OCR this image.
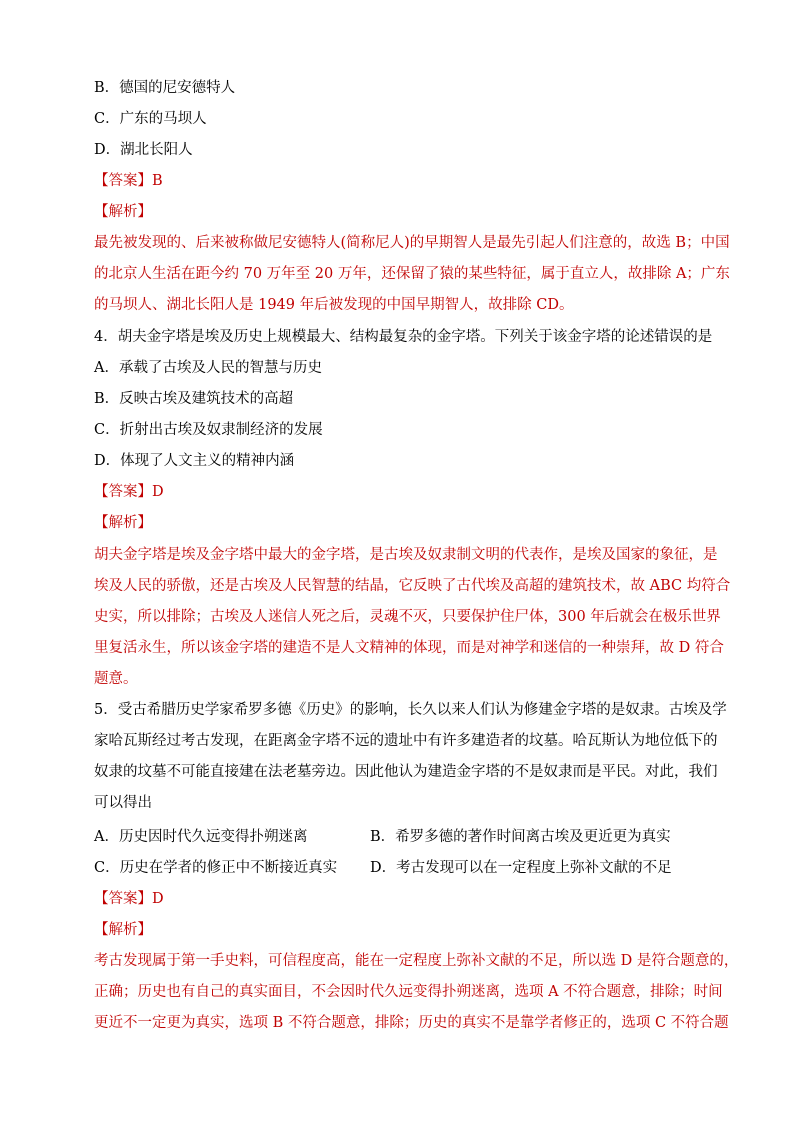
B．德国的尼安德特人
C．广东的马坝人
D．湖北长阳人
【答案】B
【解析】
最先被发现的、后来被称做尼安德特人(简称尼人)的早期智人是最先引起人们注意的，故选 B；中国
的北京人生活在距今约 70 万年至 20 万年，还保留了猿的某些特征，属于直立人，故排除 A；广东
的马坝人、湖北长阳人是 1949 年后被发现的中国早期智人，故排除 CD。
4．胡夫金字塔是埃及历史上规模最大、结构最复杂的金字塔。下列关于该金字塔的论述错误的是
A．承载了古埃及人民的智慧与历史
B．反映古埃及建筑技术的高超
C．折射出古埃及奴隶制经济的发展
D．体现了人文主义的精神内涵
【答案】D
【解析】
胡夫金字塔是埃及金字塔中最大的金字塔，是古埃及奴隶制文明的代表作，是埃及国家的象征，是
埃及人民的骄傲，还是古埃及人民智慧的结晶，它反映了古代埃及高超的建筑技术，故 ABC 均符合
史实，所以排除；古埃及人迷信人死之后，灵魂不灭，只要保护住尸体，300 年后就会在极乐世界
里复活永生，所以该金字塔的建造不是人文精神的体现，而是对神学和迷信的一种崇拜，故 D 符合
题意。
5．受古希腊历史学家希罗多德《历史》的影响，长久以来人们认为修建金字塔的是奴隶。古埃及学
家哈瓦斯经过考古发现，在距离金字塔不远的遗址中有许多建造者的坟墓。哈瓦斯认为地位低下的
奴隶的坟墓不可能直接建在法老墓旁边。因此他认为建造金字塔的不是奴隶而是平民。对此，我们
可以得出
A．历史因时代久远变得扑朔迷离	B．希罗多德的著作时间离古埃及更近更为真实
C．历史在学者的修正中不断接近真实 D．考古发现可以在一定程度上弥补文献的不足
【答案】D
【解析】
考古发现属于第一手史料，可信程度高，能在一定程度上弥补文献的不足，所以选 D 是符合题意的，
正确；历史也有自己的真实面目，不会因时代久远变得扑朔迷离，选项 A 不符合题意，排除；时间
更近不一定更为真实，选项 B 不符合题意，排除；历史的真实不是靠学者修正的，选项 C 不符合题
